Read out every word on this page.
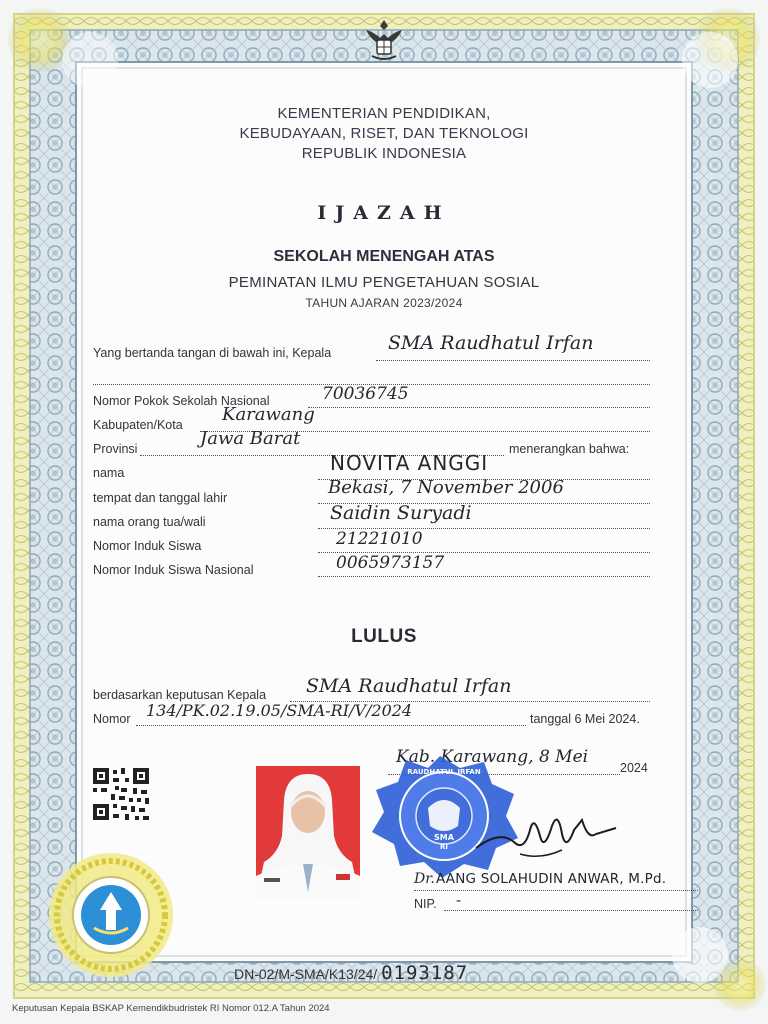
KEMENTERIAN PENDIDIKAN,
KEBUDAYAAN, RISET, DAN TEKNOLOGI
REPUBLIK INDONESIA
IJAZAH
SEKOLAH MENENGAH ATAS
PEMINATAN ILMU PENGETAHUAN SOSIAL
TAHUN AJARAN 2023/2024
Yang bertanda tangan di bawah ini, Kepala	SMA Raudhatul Irfan
Nomor Pokok Sekolah Nasional	70036745
Kabupaten/Kota Karawang
Provinsi	Jawa Barat	menerangkan bahwa:
nama	NOVITA ANGGI
tempat dan tanggal lahir	Bekasi, 7 November 2006
nama orang tua/wali	Saidin Suryadi
Nomor Induk Siswa	21221010
Nomor Induk Siswa Nasional	0065973157
LULUS
berdasarkan keputusan Kepala SMA Raudhatul Irfan
Nomor 134/PK.02.19.05/SMA-RI/V/2024	tanggal 6 Mei 2024.
Kab. Karawang, 8 Mei
2024
RAUDHATUL IRFAN
SMA
RI
Dr. AANG SOLAHUDIN ANWAR, M.Pd.
NIP. -
DN-02/M-SMA/K13/24/ 0193187
Keputusan Kepala BSKAP Kemendikbudristek RI Nomor 012.A Tahun 2024
